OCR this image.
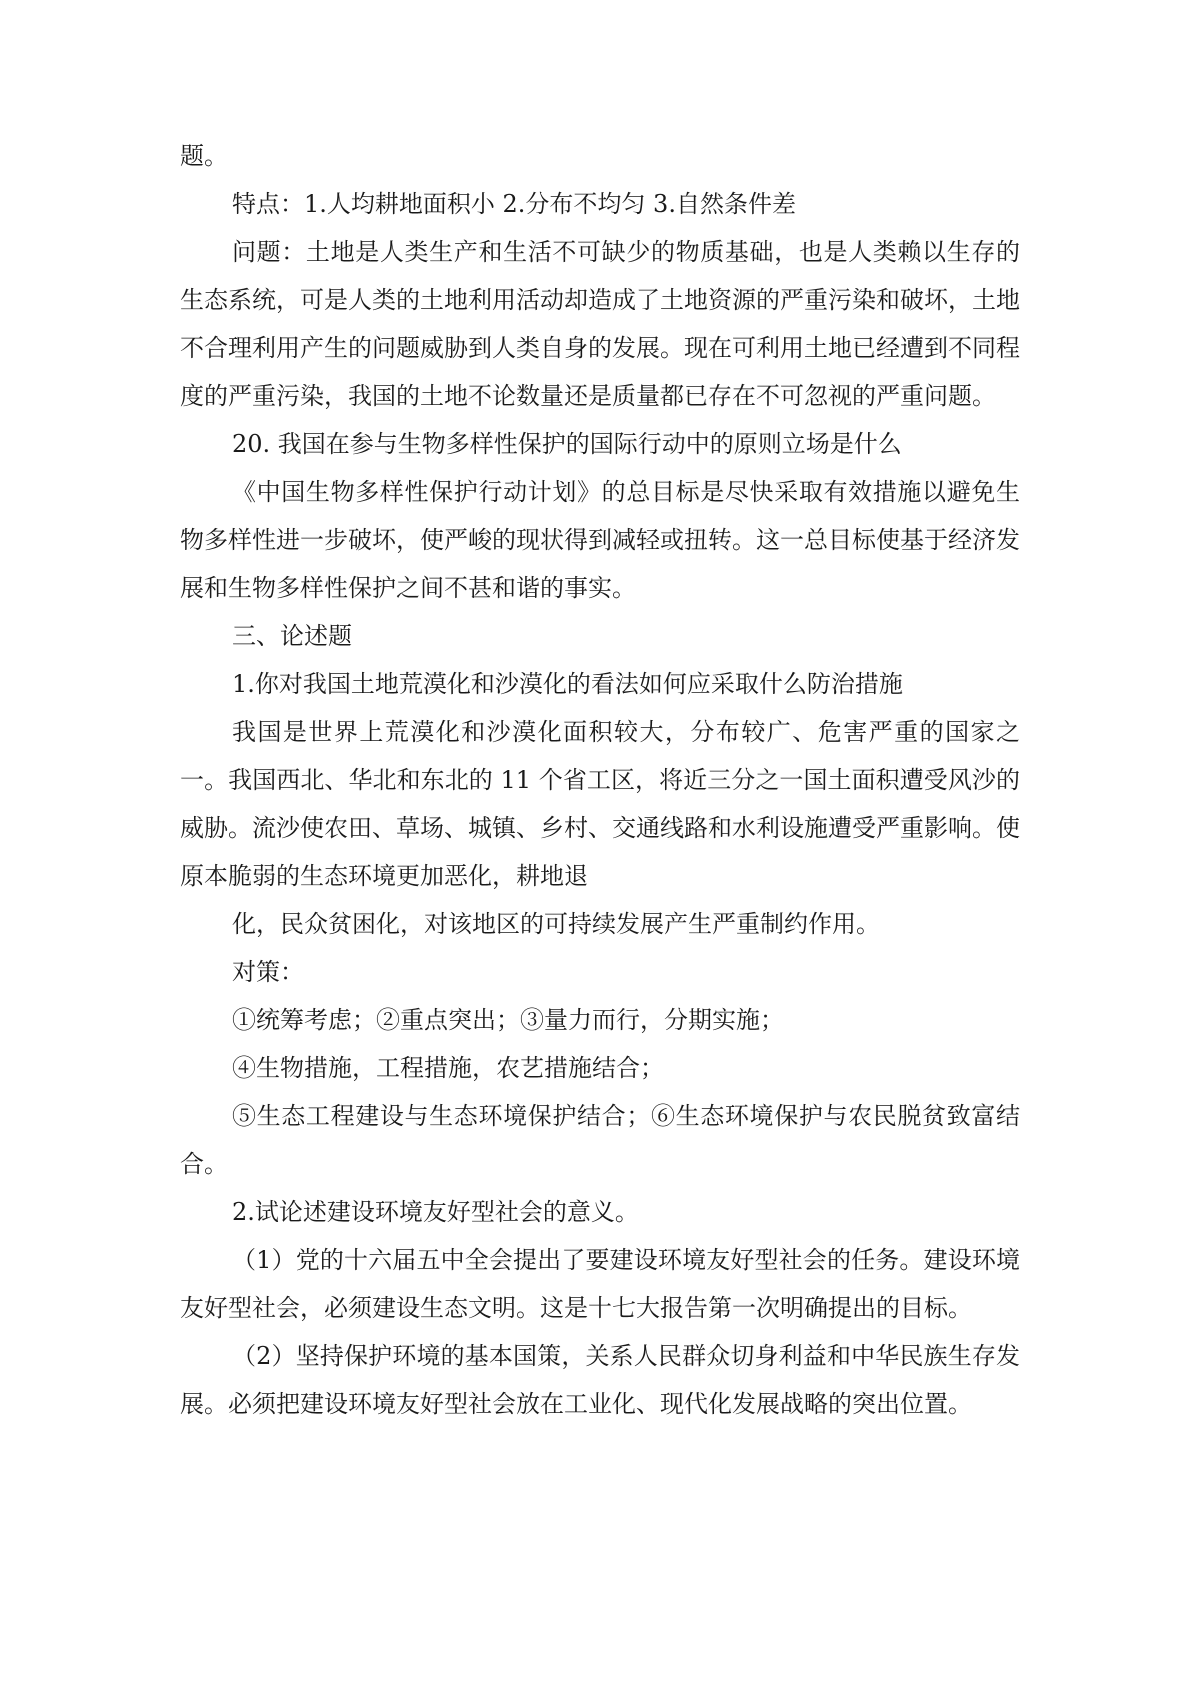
题。

特点：1.人均耕地面积小 2.分布不均匀 3.自然条件差

问题：土地是人类生产和生活不可缺少的物质基础，也是人类赖以生存的生态系统，可是人类的土地利用活动却造成了土地资源的严重污染和破坏，土地不合理利用产生的问题威胁到人类自身的发展。现在可利用土地已经遭到不同程度的严重污染，我国的土地不论数量还是质量都已存在不可忽视的严重问题。

20. 我国在参与生物多样性保护的国际行动中的原则立场是什么

《中国生物多样性保护行动计划》的总目标是尽快采取有效措施以避免生物多样性进一步破坏，使严峻的现状得到减轻或扭转。这一总目标使基于经济发展和生物多样性保护之间不甚和谐的事实。

三、论述题

1.你对我国土地荒漠化和沙漠化的看法如何应采取什么防治措施

我国是世界上荒漠化和沙漠化面积较大，分布较广、危害严重的国家之一。我国西北、华北和东北的 11 个省工区，将近三分之一国土面积遭受风沙的威胁。流沙使农田、草场、城镇、乡村、交通线路和水利设施遭受严重影响。使原本脆弱的生态环境更加恶化，耕地退

化，民众贫困化，对该地区的可持续发展产生严重制约作用。

对策：

①统筹考虑；②重点突出；③量力而行，分期实施；

④生物措施，工程措施，农艺措施结合；

⑤生态工程建设与生态环境保护结合；⑥生态环境保护与农民脱贫致富结合。

2.试论述建设环境友好型社会的意义。

（1）党的十六届五中全会提出了要建设环境友好型社会的任务。建设环境友好型社会，必须建设生态文明。这是十七大报告第一次明确提出的目标。

（2）坚持保护环境的基本国策，关系人民群众切身利益和中华民族生存发展。必须把建设环境友好型社会放在工业化、现代化发展战略的突出位置。
